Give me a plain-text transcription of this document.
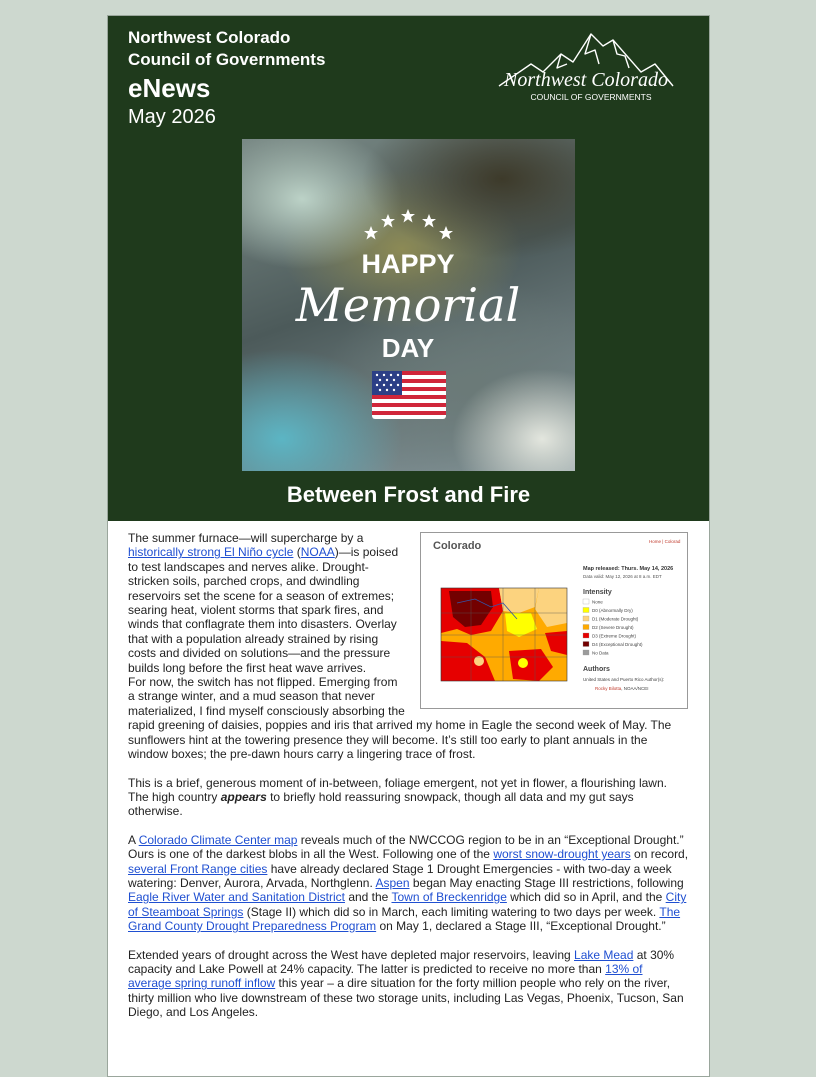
Northwest Colorado
Council of Governments
eNews
May 2026
Northwest Colorado
COUNCIL OF GOVERNMENTS
HAPPY
Memorial
DAY
Between Frost and Fire
Colorado	Home | Colorad
Map released: Thurs. May 14, 2026
Data valid: May 12, 2026 at 8 a.m. EDT
Intensity
None
D0 (Abnormally Dry)
D1 (Moderate Drought)
D2 (Severe Drought)
D3 (Extreme Drought)
D4 (Exceptional Drought)
No Data
Authors
United States and Puerto Rico Author(s):
Rocky Bilotta, NOAA/NCEI

The summer furnace—will supercharge by a historically strong El Niño cycle (NOAA)—is poised to test landscapes and nerves alike. Drought-stricken soils, parched crops, and dwindling reservoirs set the scene for a season of extremes; searing heat, violent storms that spark fires, and winds that conflagrate them into disasters. Overlay that with a population already strained by rising costs and divided on solutions—and the pressure builds long before the first heat wave arrives.

For now, the switch has not flipped. Emerging from a strange winter, and a mud season that never materialized, I find myself consciously absorbing the rapid greening of daisies, poppies and iris that arrived my home in Eagle the second week of May. The sunflowers hint at the towering presence they will become. It’s still too early to plant annuals in the window boxes; the pre-dawn hours carry a lingering trace of frost.

This is a brief, generous moment of in-between, foliage emergent, not yet in flower, a flourishing lawn. The high country appears to briefly hold reassuring snowpack, though all data and my gut says otherwise.

A Colorado Climate Center map reveals much of the NWCCOG region to be in an “Exceptional Drought.” Ours is one of the darkest blobs in all the West. Following one of the worst snow-drought years on record, several Front Range cities have already declared Stage 1 Drought Emergencies - with two-day a week watering: Denver, Aurora, Arvada, Northglenn. Aspen began May enacting Stage III restrictions, following Eagle River Water and Sanitation District and the Town of Breckenridge which did so in April, and the City of Steamboat Springs (Stage II) which did so in March, each limiting watering to two days per week. The Grand County Drought Preparedness Program on May 1, declared a Stage III, “Exceptional Drought.”

Extended years of drought across the West have depleted major reservoirs, leaving Lake Mead at 30% capacity and Lake Powell at 24% capacity. The latter is predicted to receive no more than 13% of average spring runoff inflow this year – a dire situation for the forty million people who rely on the river, thirty million who live downstream of these two storage units, including Las Vegas, Phoenix, Tucson, San Diego, and Los Angeles.
